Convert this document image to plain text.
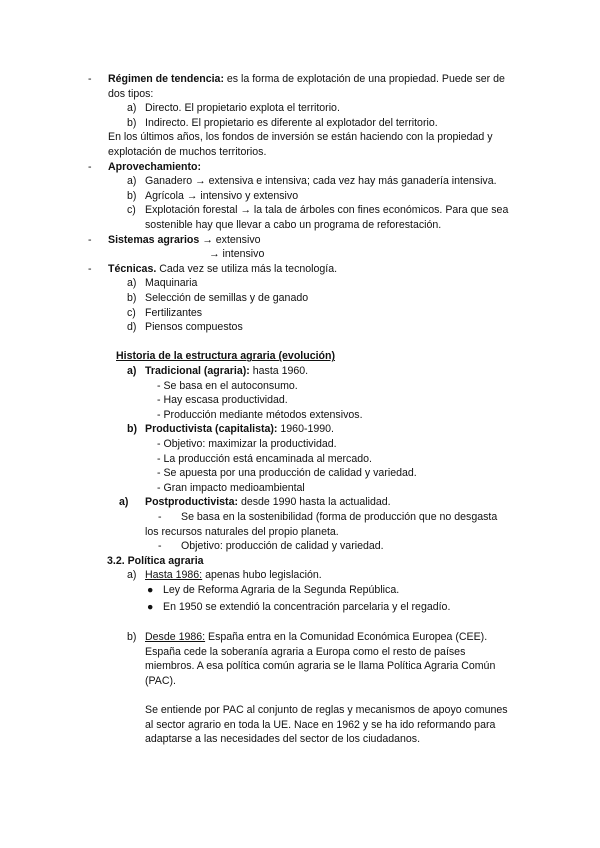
- Régimen de tendencia: es la forma de explotación de una propiedad. Puede ser de
dos tipos:
a) Directo. El propietario explota el territorio.
b) Indirecto. El propietario es diferente al explotador del territorio.
En los últimos años, los fondos de inversión se están haciendo con la propiedad y
explotación de muchos territorios.
- Aprovechamiento:
a) Ganadero → extensiva e intensiva; cada vez hay más ganadería intensiva.
b) Agrícola → intensivo y extensivo
c) Explotación forestal → la tala de árboles con fines económicos. Para que sea
sostenible hay que llevar a cabo un programa de reforestación.
- Sistemas agrarios → extensivo
→ intensivo
- Técnicas. Cada vez se utiliza más la tecnología.
a) Maquinaria
b) Selección de semillas y de ganado
c) Fertilizantes
d) Piensos compuestos
Historia de la estructura agraria (evolución)
a) Tradicional (agraria): hasta 1960.
- Se basa en el autoconsumo.
- Hay escasa productividad.
- Producción mediante métodos extensivos.
b) Productivista (capitalista): 1960-1990.
- Objetivo: maximizar la productividad.
- La producción está encaminada al mercado.
- Se apuesta por una producción de calidad y variedad.
- Gran impacto medioambiental
a) Postproductivista: desde 1990 hasta la actualidad.
- Se basa en la sostenibilidad (forma de producción que no desgasta
los recursos naturales del propio planeta.
- Objetivo: producción de calidad y variedad.
3.2. Política agraria
a) Hasta 1986: apenas hubo legislación.
● Ley de Reforma Agraria de la Segunda República.
● En 1950 se extendió la concentración parcelaria y el regadío.
b) Desde 1986: España entra en la Comunidad Económica Europea (CEE).
España cede la soberanía agraria a Europa como el resto de países
miembros. A esa política común agraria se le llama Política Agraria Común
(PAC).
Se entiende por PAC al conjunto de reglas y mecanismos de apoyo comunes
al sector agrario en toda la UE. Nace en 1962 y se ha ido reformando para
adaptarse a las necesidades del sector de los ciudadanos.
